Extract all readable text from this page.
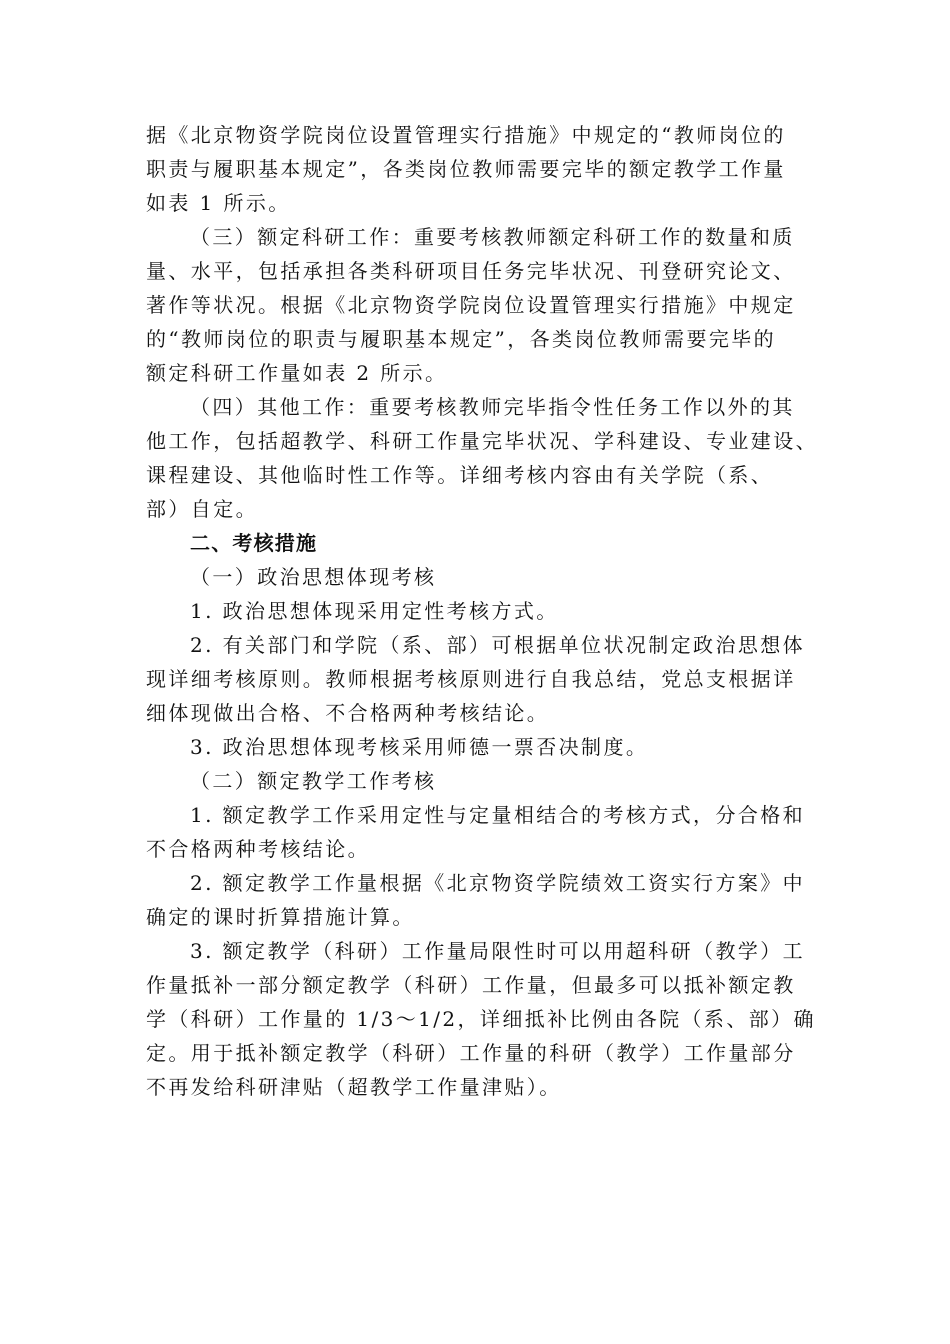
据《北京物资学院岗位设置管理实行措施》中规定的“教师岗位的
职责与履职基本规定”，各类岗位教师需要完毕的额定教学工作量
如表 1 所示。
（三）额定科研工作：重要考核教师额定科研工作的数量和质
量、水平，包括承担各类科研项目任务完毕状况、刊登研究论文、
著作等状况。根据《北京物资学院岗位设置管理实行措施》中规定
的“教师岗位的职责与履职基本规定”，各类岗位教师需要完毕的
额定科研工作量如表 2 所示。
（四）其他工作：重要考核教师完毕指令性任务工作以外的其
他工作，包括超教学、科研工作量完毕状况、学科建设、专业建设、
课程建设、其他临时性工作等。详细考核内容由有关学院（系、
部）自定。
二、考核措施
（一）政治思想体现考核
1. 政治思想体现采用定性考核方式。
2. 有关部门和学院（系、部）可根据单位状况制定政治思想体
现详细考核原则。教师根据考核原则进行自我总结，党总支根据详
细体现做出合格、不合格两种考核结论。
3. 政治思想体现考核采用师德一票否决制度。
（二）额定教学工作考核
1. 额定教学工作采用定性与定量相结合的考核方式，分合格和
不合格两种考核结论。
2. 额定教学工作量根据《北京物资学院绩效工资实行方案》中
确定的课时折算措施计算。
3. 额定教学（科研）工作量局限性时可以用超科研（教学）工
作量抵补一部分额定教学（科研）工作量，但最多可以抵补额定教
学（科研）工作量的 1/3～1/2，详细抵补比例由各院（系、部）确
定。用于抵补额定教学（科研）工作量的科研（教学）工作量部分
不再发给科研津贴（超教学工作量津贴）。
